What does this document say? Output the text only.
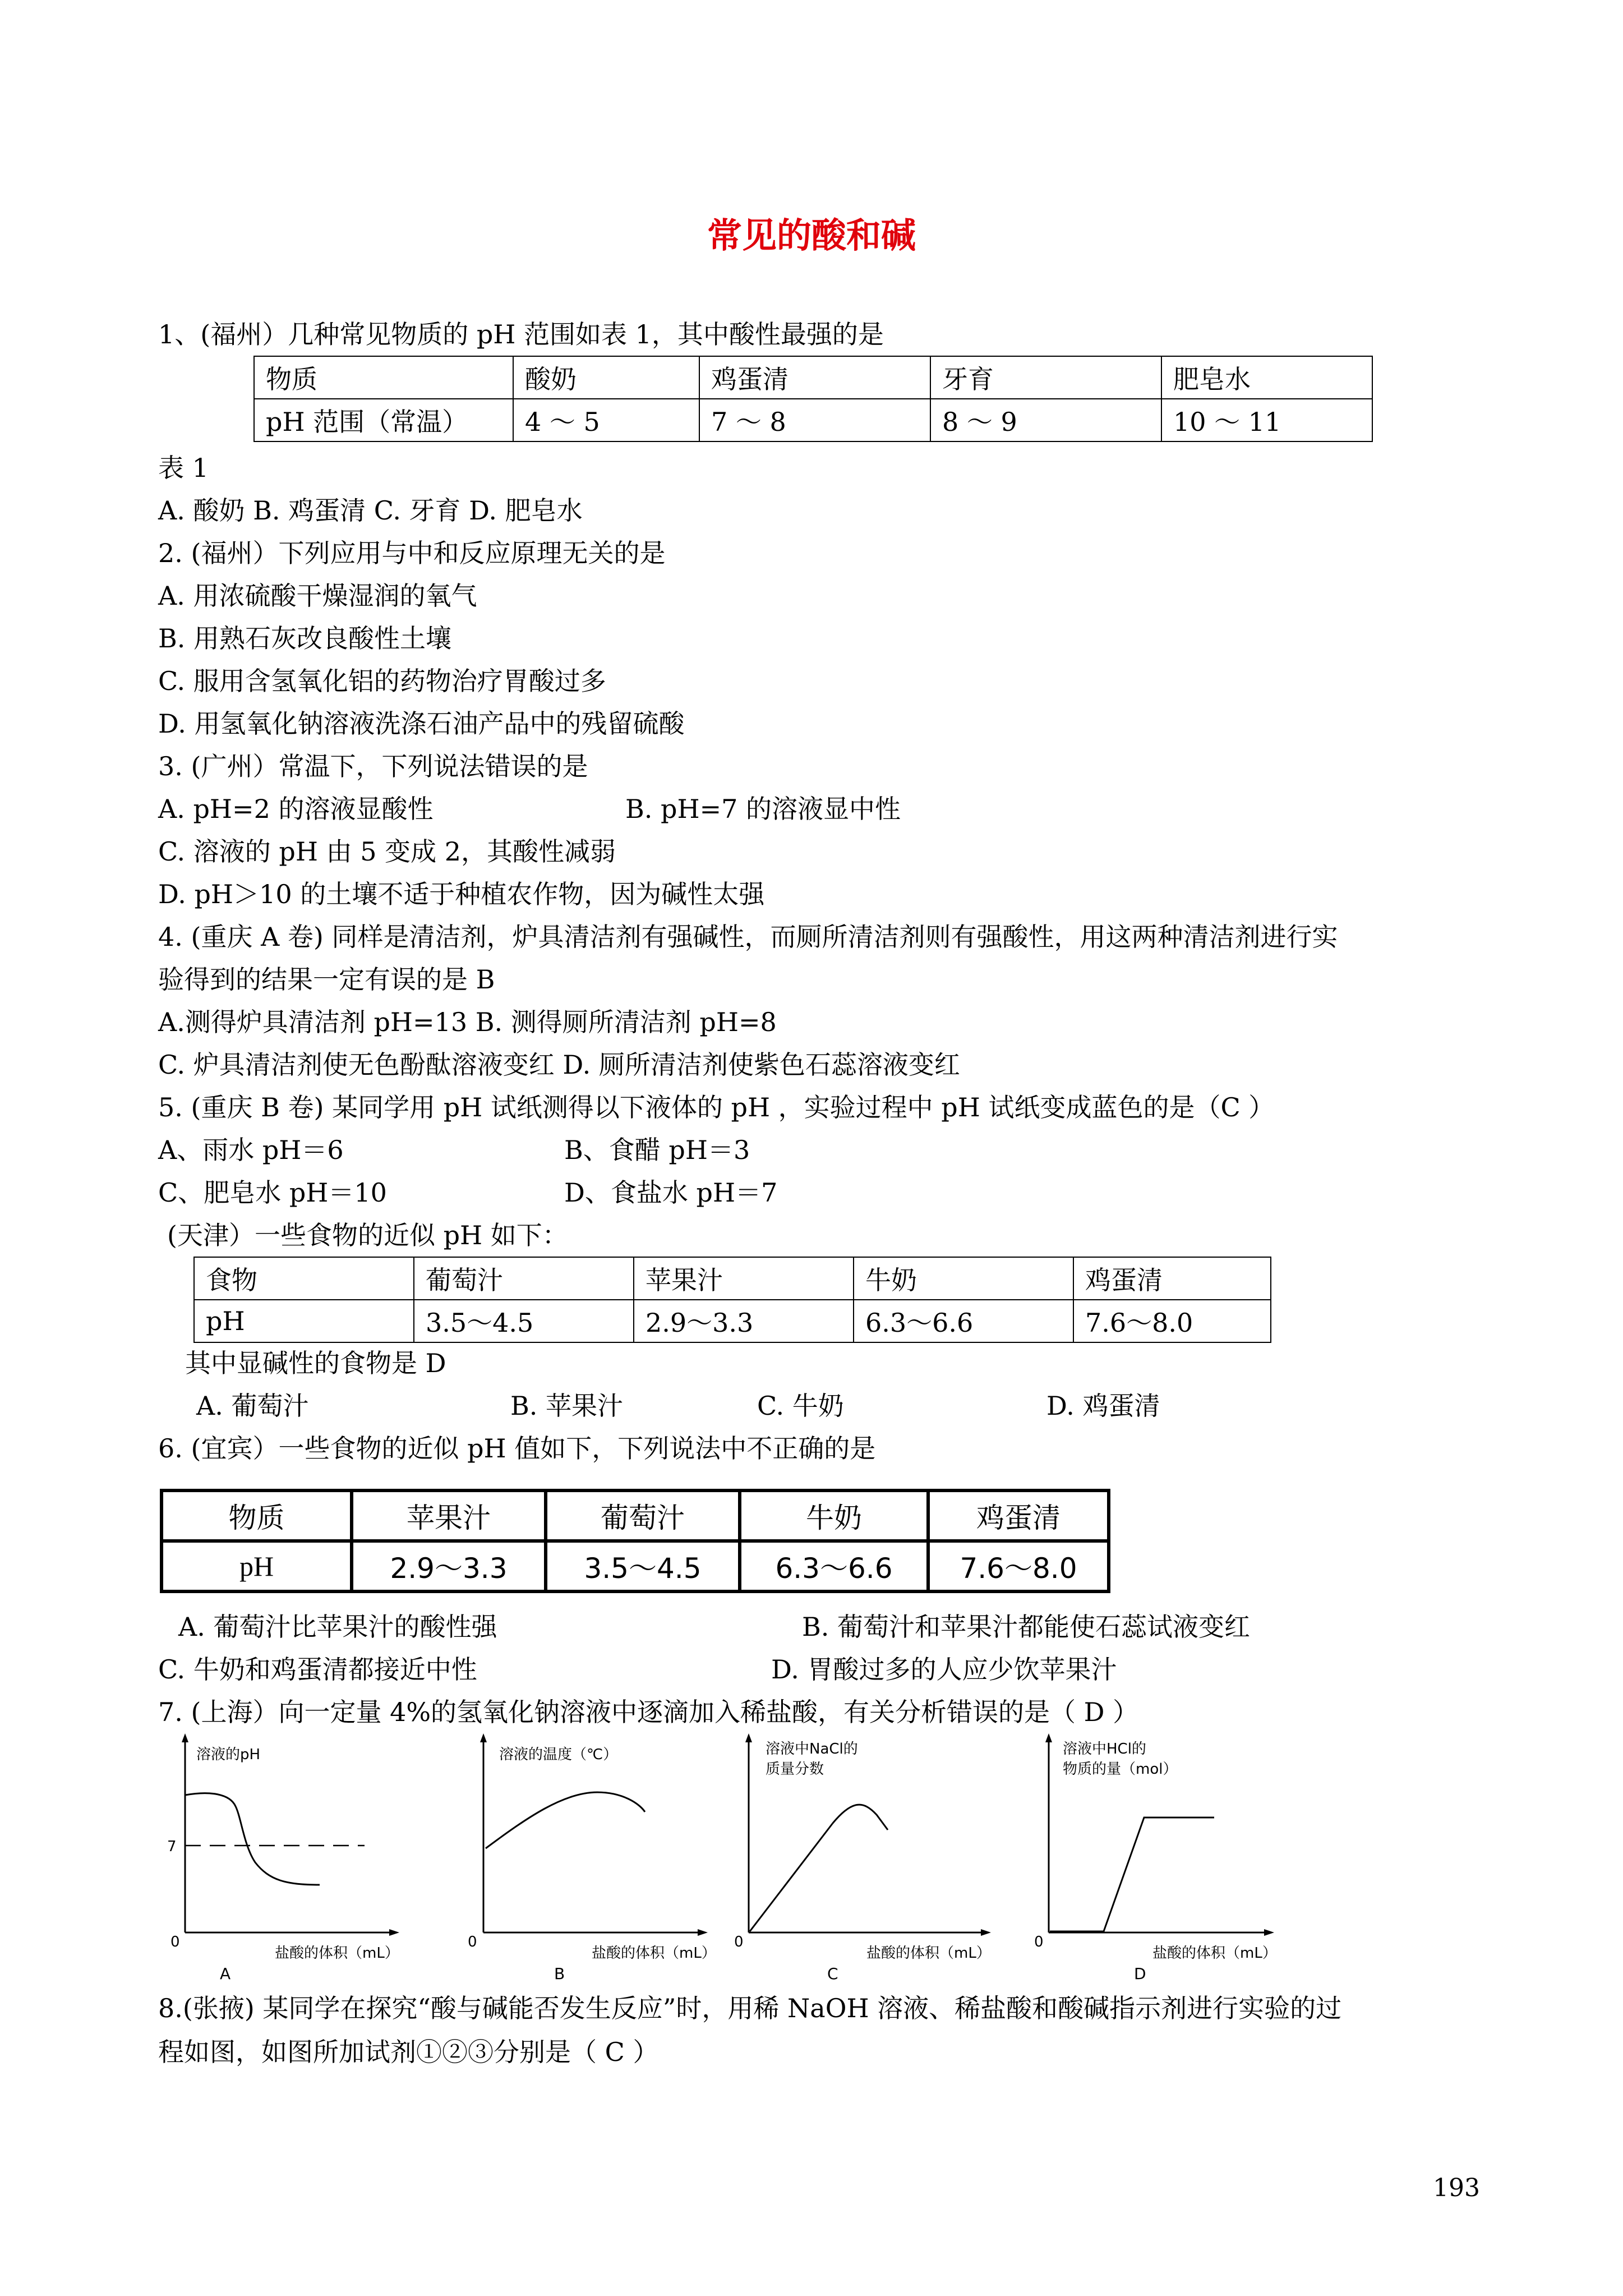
常见的酸和碱
1、(福州）几种常见物质的 pH 范围如表 1，其中酸性最强的是
物质	酸奶	鸡蛋清	牙育	肥皂水
pH 范围（常温）	4 ～ 5	7 ～ 8	8 ～ 9	10 ～ 11
表 1
A. 酸奶 B. 鸡蛋清 C. 牙育 D. 肥皂水
2. (福州）下列应用与中和反应原理无关的是
A. 用浓硫酸干燥湿润的氧气
B. 用熟石灰改良酸性土壤
C. 服用含氢氧化铝的药物治疗胃酸过多
D. 用氢氧化钠溶液洗涤石油产品中的残留硫酸
3. (广州）常温下，下列说法错误的是
A. pH=2 的溶液显酸性	B. pH=7 的溶液显中性
C. 溶液的 pH 由 5 变成 2，其酸性减弱
D. pH＞10 的土壤不适于种植农作物，因为碱性太强
4. (重庆 A 卷) 同样是清洁剂，炉具清洁剂有强碱性，而厕所清洁剂则有强酸性，用这两种清洁剂进行实
验得到的结果一定有误的是 B
A.测得炉具清洁剂 pH=13 B. 测得厕所清洁剂 pH=8
C. 炉具清洁剂使无色酚酞溶液变红 D. 厕所清洁剂使紫色石蕊溶液变红
5. (重庆 B 卷) 某同学用 pH 试纸测得以下液体的 pH ，实验过程中 pH 试纸变成蓝色的是（C ）
A、雨水 pH＝6	B、食醋 pH＝3
C、肥皂水 pH＝10	D、食盐水 pH＝7
(天津）一些食物的近似 pH 如下：
食物	葡萄汁	苹果汁	牛奶	鸡蛋清
pH	3.5～4.5	2.9～3.3	6.3～6.6	7.6～8.0
其中显碱性的食物是 D
A. 葡萄汁	B. 苹果汁	C. 牛奶	D. 鸡蛋清
6. (宜宾）一些食物的近似 pH 值如下，下列说法中不正确的是
物质	苹果汁	葡萄汁	牛奶	鸡蛋清
pH	2.9～3.3	3.5～4.5	6.3～6.6	7.6～8.0
A. 葡萄汁比苹果汁的酸性强	B. 葡萄汁和苹果汁都能使石蕊试液变红
C. 牛奶和鸡蛋清都接近中性	D. 胃酸过多的人应少饮苹果汁
7. (上海）向一定量 4%的氢氧化钠溶液中逐滴加入稀盐酸，有关分析错误的是（ D ）
溶液的pH
7
0
盐酸的体积（mL）
A
溶液的温度（℃）
0
盐酸的体积（mL）
B
溶液中NaCl的
质量分数
0
盐酸的体积（mL）
C
溶液中HCl的
物质的量（mol）
0
盐酸的体积（mL）
D
8.(张掖) 某同学在探究“酸与碱能否发生反应”时，用稀 NaOH 溶液、稀盐酸和酸碱指示剂进行实验的过
程如图，如图所加试剂①②③分别是（ C ）
193
